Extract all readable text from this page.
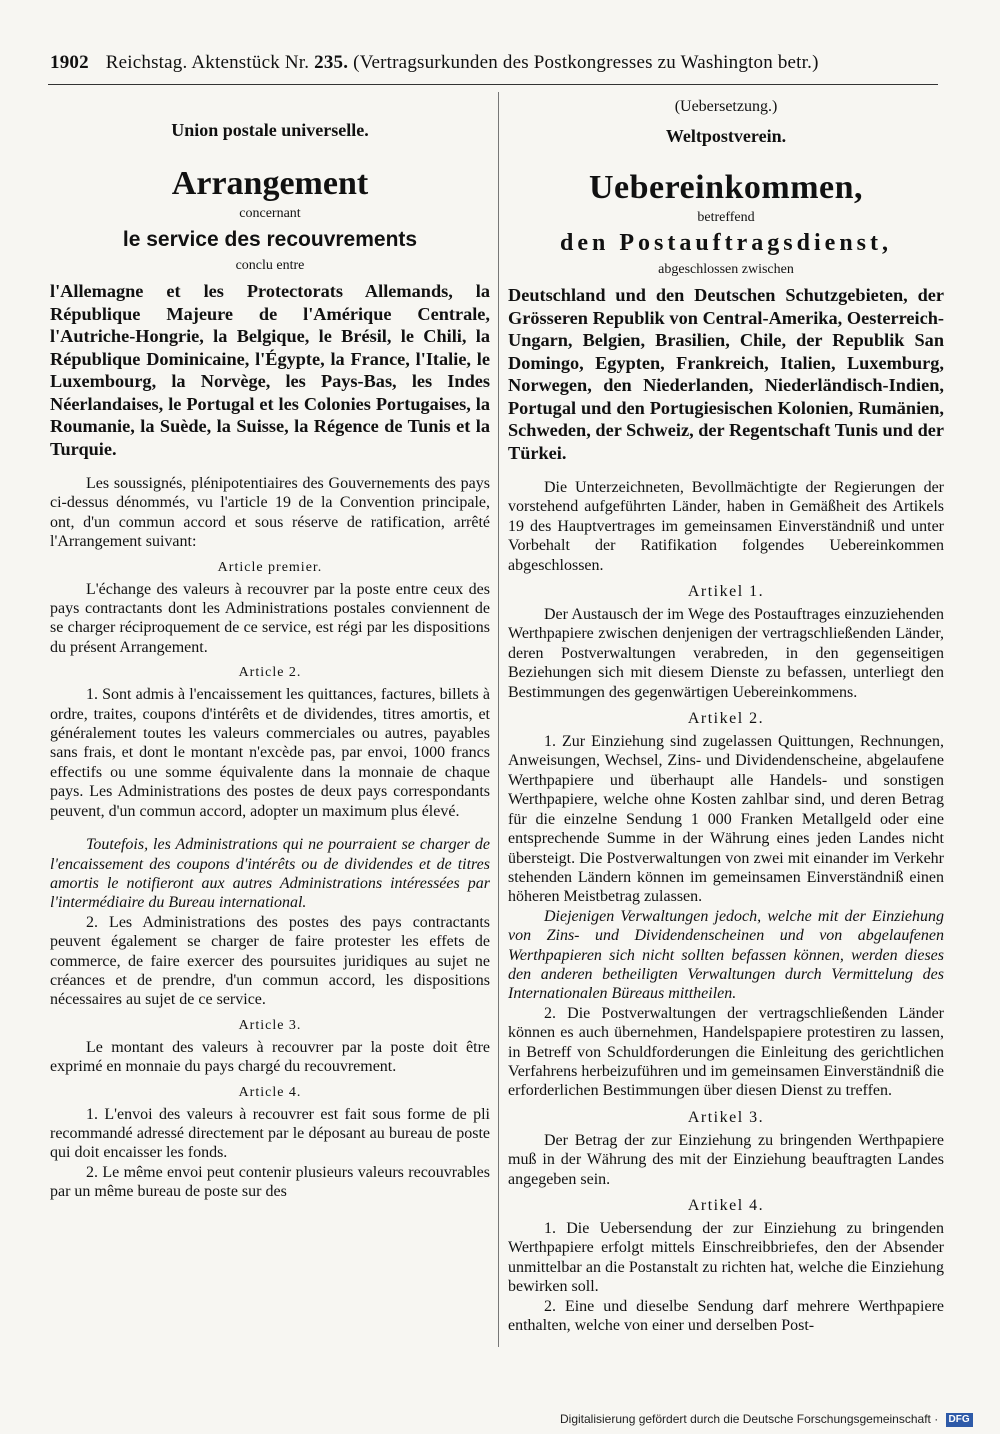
1902 Reichstag. Aktenstück Nr. 235. (Vertragsurkunden des Postkongresses zu Washington betr.)
Union postale universelle.
Arrangement
concernant
le service des recouvrements
conclu entre
l'Allemagne et les Protectorats Allemands, la République Majeure de l'Amérique Centrale, l'Autriche-Hongrie, la Belgique, le Brésil, le Chili, la République Dominicaine, l'Égypte, la France, l'Italie, le Luxembourg, la Norvège, les Pays-Bas, les Indes Néerlandaises, le Portugal et les Colonies Portugaises, la Roumanie, la Suède, la Suisse, la Régence de Tunis et la Turquie.
Les soussignés, plénipotentiaires des Gouvernements des pays ci-dessus dénommés, vu l'article 19 de la Convention principale, ont, d'un commun accord et sous réserve de ratification, arrêté l'Arrangement suivant:
Article premier.
L'échange des valeurs à recouvrer par la poste entre ceux des pays contractants dont les Administrations postales conviennent de se charger réciproquement de ce service, est régi par les dispositions du présent Arrangement.
Article 2.
1. Sont admis à l'encaissement les quittances, factures, billets à ordre, traites, coupons d'intérêts et de dividendes, titres amortis, et généralement toutes les valeurs commerciales ou autres, payables sans frais, et dont le montant n'excède pas, par envoi, 1000 francs effectifs ou une somme équivalente dans la monnaie de chaque pays. Les Administrations des postes de deux pays correspondants peuvent, d'un commun accord, adopter un maximum plus élevé.
Toutefois, les Administrations qui ne pourraient se charger de l'encaissement des coupons d'intérêts ou de dividendes et de titres amortis le notifieront aux autres Administrations intéressées par l'intermédiaire du Bureau international.
2. Les Administrations des postes des pays contractants peuvent également se charger de faire protester les effets de commerce, de faire exercer des poursuites juridiques au sujet ne créances et de prendre, d'un commun accord, les dispositions nécessaires au sujet de ce service.
Article 3.
Le montant des valeurs à recouvrer par la poste doit être exprimé en monnaie du pays chargé du recouvrement.
Article 4.
1. L'envoi des valeurs à recouvrer est fait sous forme de pli recommandé adressé directement par le déposant au bureau de poste qui doit encaisser les fonds.
2. Le même envoi peut contenir plusieurs valeurs recouvrables par un même bureau de poste sur des
(Uebersetzung.)
Weltpostverein.
Uebereinkommen,
betreffend
den Postauftragsdienst,
abgeschlossen zwischen
Deutschland und den Deutschen Schutzgebieten, der Grösseren Republik von Central-Amerika, Oesterreich-Ungarn, Belgien, Brasilien, Chile, der Republik San Domingo, Egypten, Frankreich, Italien, Luxemburg, Norwegen, den Niederlanden, Niederländisch-Indien, Portugal und den Portugiesischen Kolonien, Rumänien, Schweden, der Schweiz, der Regentschaft Tunis und der Türkei.
Die Unterzeichneten, Bevollmächtigte der Regierungen der vorstehend aufgeführten Länder, haben in Gemäßheit des Artikels 19 des Hauptvertrages im gemeinsamen Einverständniß und unter Vorbehalt der Ratifikation folgendes Uebereinkommen abgeschlossen.
Artikel 1.
Der Austausch der im Wege des Postauftrages einzuziehenden Werthpapiere zwischen denjenigen der vertragschließenden Länder, deren Postverwaltungen verabreden, in den gegenseitigen Beziehungen sich mit diesem Dienste zu befassen, unterliegt den Bestimmungen des gegenwärtigen Uebereinkommens.
Artikel 2.
1. Zur Einziehung sind zugelassen Quittungen, Rechnungen, Anweisungen, Wechsel, Zins- und Dividendenscheine, abgelaufene Werthpapiere und überhaupt alle Handels- und sonstigen Werthpapiere, welche ohne Kosten zahlbar sind, und deren Betrag für die einzelne Sendung 1 000 Franken Metallgeld oder eine entsprechende Summe in der Währung eines jeden Landes nicht übersteigt. Die Postverwaltungen von zwei mit einander im Verkehr stehenden Ländern können im gemeinsamen Einverständniß einen höheren Meistbetrag zulassen.
Diejenigen Verwaltungen jedoch, welche mit der Einziehung von Zins- und Dividendenscheinen und von abgelaufenen Werthpapieren sich nicht sollten befassen können, werden dieses den anderen betheiligten Verwaltungen durch Vermittelung des Internationalen Büreaus mittheilen.
2. Die Postverwaltungen der vertragschließenden Länder können es auch übernehmen, Handelspapiere protestiren zu lassen, in Betreff von Schuldforderungen die Einleitung des gerichtlichen Verfahrens herbeizuführen und im gemeinsamen Einverständniß die erforderlichen Bestimmungen über diesen Dienst zu treffen.
Artikel 3.
Der Betrag der zur Einziehung zu bringenden Werthpapiere muß in der Währung des mit der Einziehung beauftragten Landes angegeben sein.
Artikel 4.
1. Die Uebersendung der zur Einziehung zu bringenden Werthpapiere erfolgt mittels Einschreibbriefes, den der Absender unmittelbar an die Postanstalt zu richten hat, welche die Einziehung bewirken soll.
2. Eine und dieselbe Sendung darf mehrere Werthpapiere enthalten, welche von einer und derselben Post-
Digitalisierung gefördert durch die Deutsche Forschungsgemeinschaft · DFG
